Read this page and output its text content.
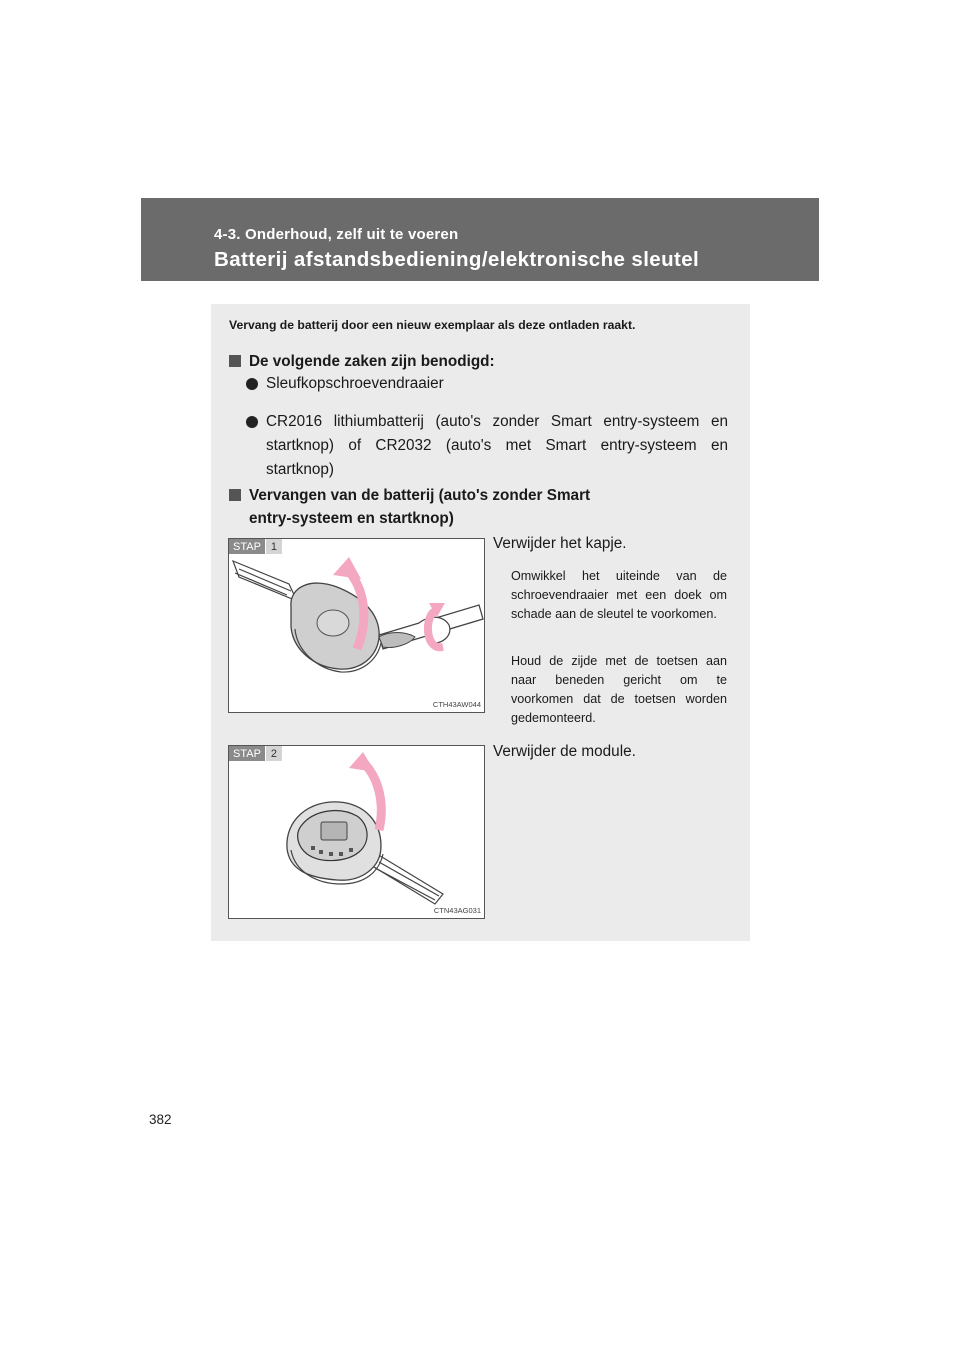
4-3. Onderhoud, zelf uit te voeren
Batterij afstandsbediening/elektronische sleutel
Vervang de batterij door een nieuw exemplaar als deze ontladen raakt.
De volgende zaken zijn benodigd:
Sleufkopschroevendraaier
CR2016 lithiumbatterij (auto's zonder Smart entry-systeem en startknop) of CR2032 (auto's met Smart entry-systeem en startknop)
Vervangen van de batterij (auto's zonder Smart
entry-systeem en startknop)
STAP 1
CTH43AW044
Verwijder het kapje.
Omwikkel het uiteinde van de schroevendraaier met een doek om schade aan de sleutel te voorkomen.
Houd de zijde met de toetsen aan naar beneden gericht om te voorkomen dat de toetsen worden gedemonteerd.
STAP 2
CTN43AG031
Verwijder de module.
382
